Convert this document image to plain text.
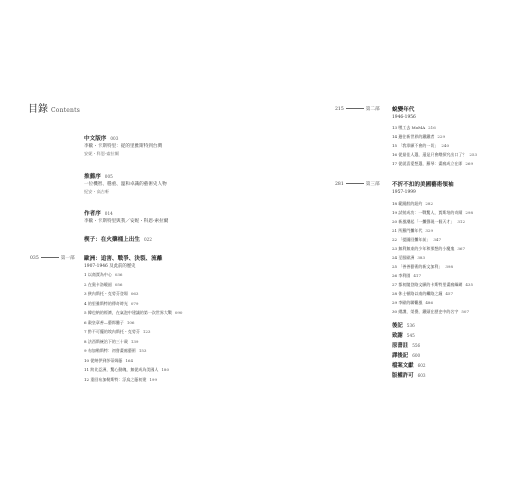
目錄 Contents
中文版序 003
李歐・卡斯特里：從的里雅斯特到台灣
安妮・科恩-索拉爾
推薦序 005
一位機智、穩重、溫和卓識的藝術史人物
紀安・高古軒
作者序 014
李歐・卡斯特里與我／安妮・科恩-索拉爾
楔子：在火藥桶上出生 022
035	第一部 歐洲：追害、戰爭、決裂、流離
1907-1946 及此前的歷史
1 以商賈為中心 036
2 在奧卡洛曉韶 056
3 狹內斯托・克勞芬登場 063
4 的里雅斯特的傳奇時光 079
5 韓也納的經濟，在氣泡中建議的第一次世界大戰 090
6 穀皇章善—藝郎騰子 106
7 黔不可擺的埃內斯托・克勞芬 123
8 法西斯統治下的三十歲 139
9 布加勒斯特：初嘗畫廊藝術 153
10 從納伊到莎蒂姆藤 164
11 跨比亞洲，驚心動魄，無從成為美國人 180
12 重回布加勒斯特：浮鳥之藤初建 199
215	第二部 蛻變年代
1946-1956
13 嘿工去 MoMA 216
14 遞往新世界的鐵鐵者 229
15 「我寧願不會的一切」 240
16 從最佳人選，還是只會餓探究出口了？ 253
17 從就喜愛想選，羅琴：畫廊成立在即 269
281	第三部 不折不扣的美國藝術領袖
1957-1999
18 範蹺般的紐約 282
19 試射成功：一戰驚人，賈斯培的奇蹟 298
20 新風潮起「一攤聲現一個天才」 312
21 所羅門攤年代 329
22 「提圖回攤年前」 347
23 無利無束的少年和那想的小魔鬼 367
24 至服歐洲 383
25 「善善藝術的新文加利」 398
26 李利園 417
27 都初隨登路文願的卡斯特里畫廊緬網 435
28 休士頓路以南的繼路之鐘 457
29 李歐的聯繫風 486
30 總讚，榮譽，鐵頭在歷史中的名字 507
後記 536
致謝 545
原書註 556
譯後記 600
檔案文獻 602
版權許可 603
